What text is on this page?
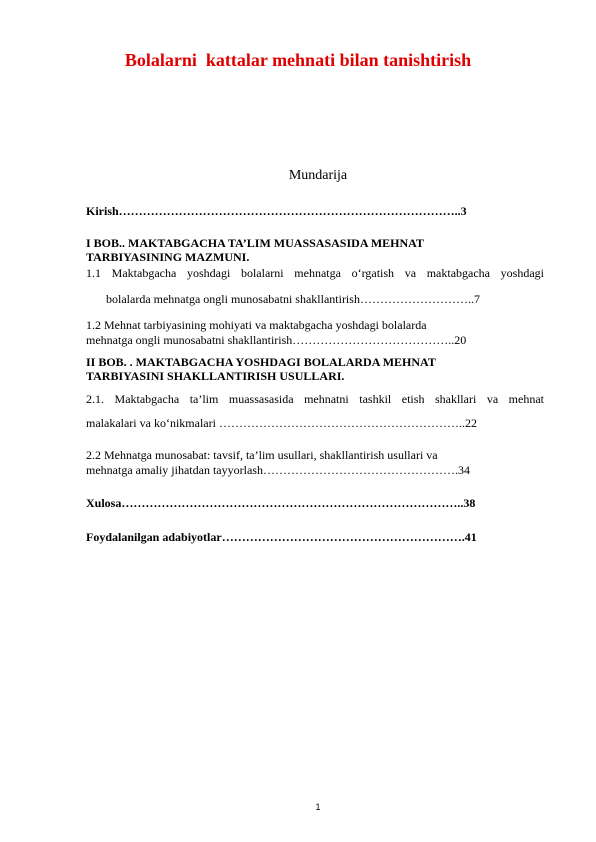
Bolalarni  kattalar mehnati bilan tanishtirish
Mundarija
Kirish…………………………………………………………………………..3
I BOB.. MAKTABGACHA TA’LIM MUASSASASIDA MEHNAT
TARBIYASINING MAZMUNI.
1.1 Maktabgacha yoshdagi bolalarni mehnatga o‘rgatish va maktabgacha yoshdagi
bolalarda mehnatga ongli munosabatni shakllantirish………………………..7
1.2 Mehnat tarbiyasining mohiyati va maktabgacha yoshdagi bolalarda
mehnatga ongli munosabatni shakllantirish…………………………………..20
II BOB. . MAKTABGACHA YOSHDAGI BOLALARDA MEHNAT
TARBIYASINI SHAKLLANTIRISH USULLARI.
2.1. Maktabgacha ta’lim muassasasida mehnatni tashkil etish shakllari va mehnat
malakalari va ko‘nikmalari ……………………………………………………..22
2.2 Mehnatga munosabat: tavsif, ta’lim usullari, shakllantirish usullari va
mehnatga amaliy jihatdan tayyorlash………………………………………….34
Xulosa…………………………………………………………………………..38
Foydalanilgan adabiyotlar…………………………………………………….41
1
